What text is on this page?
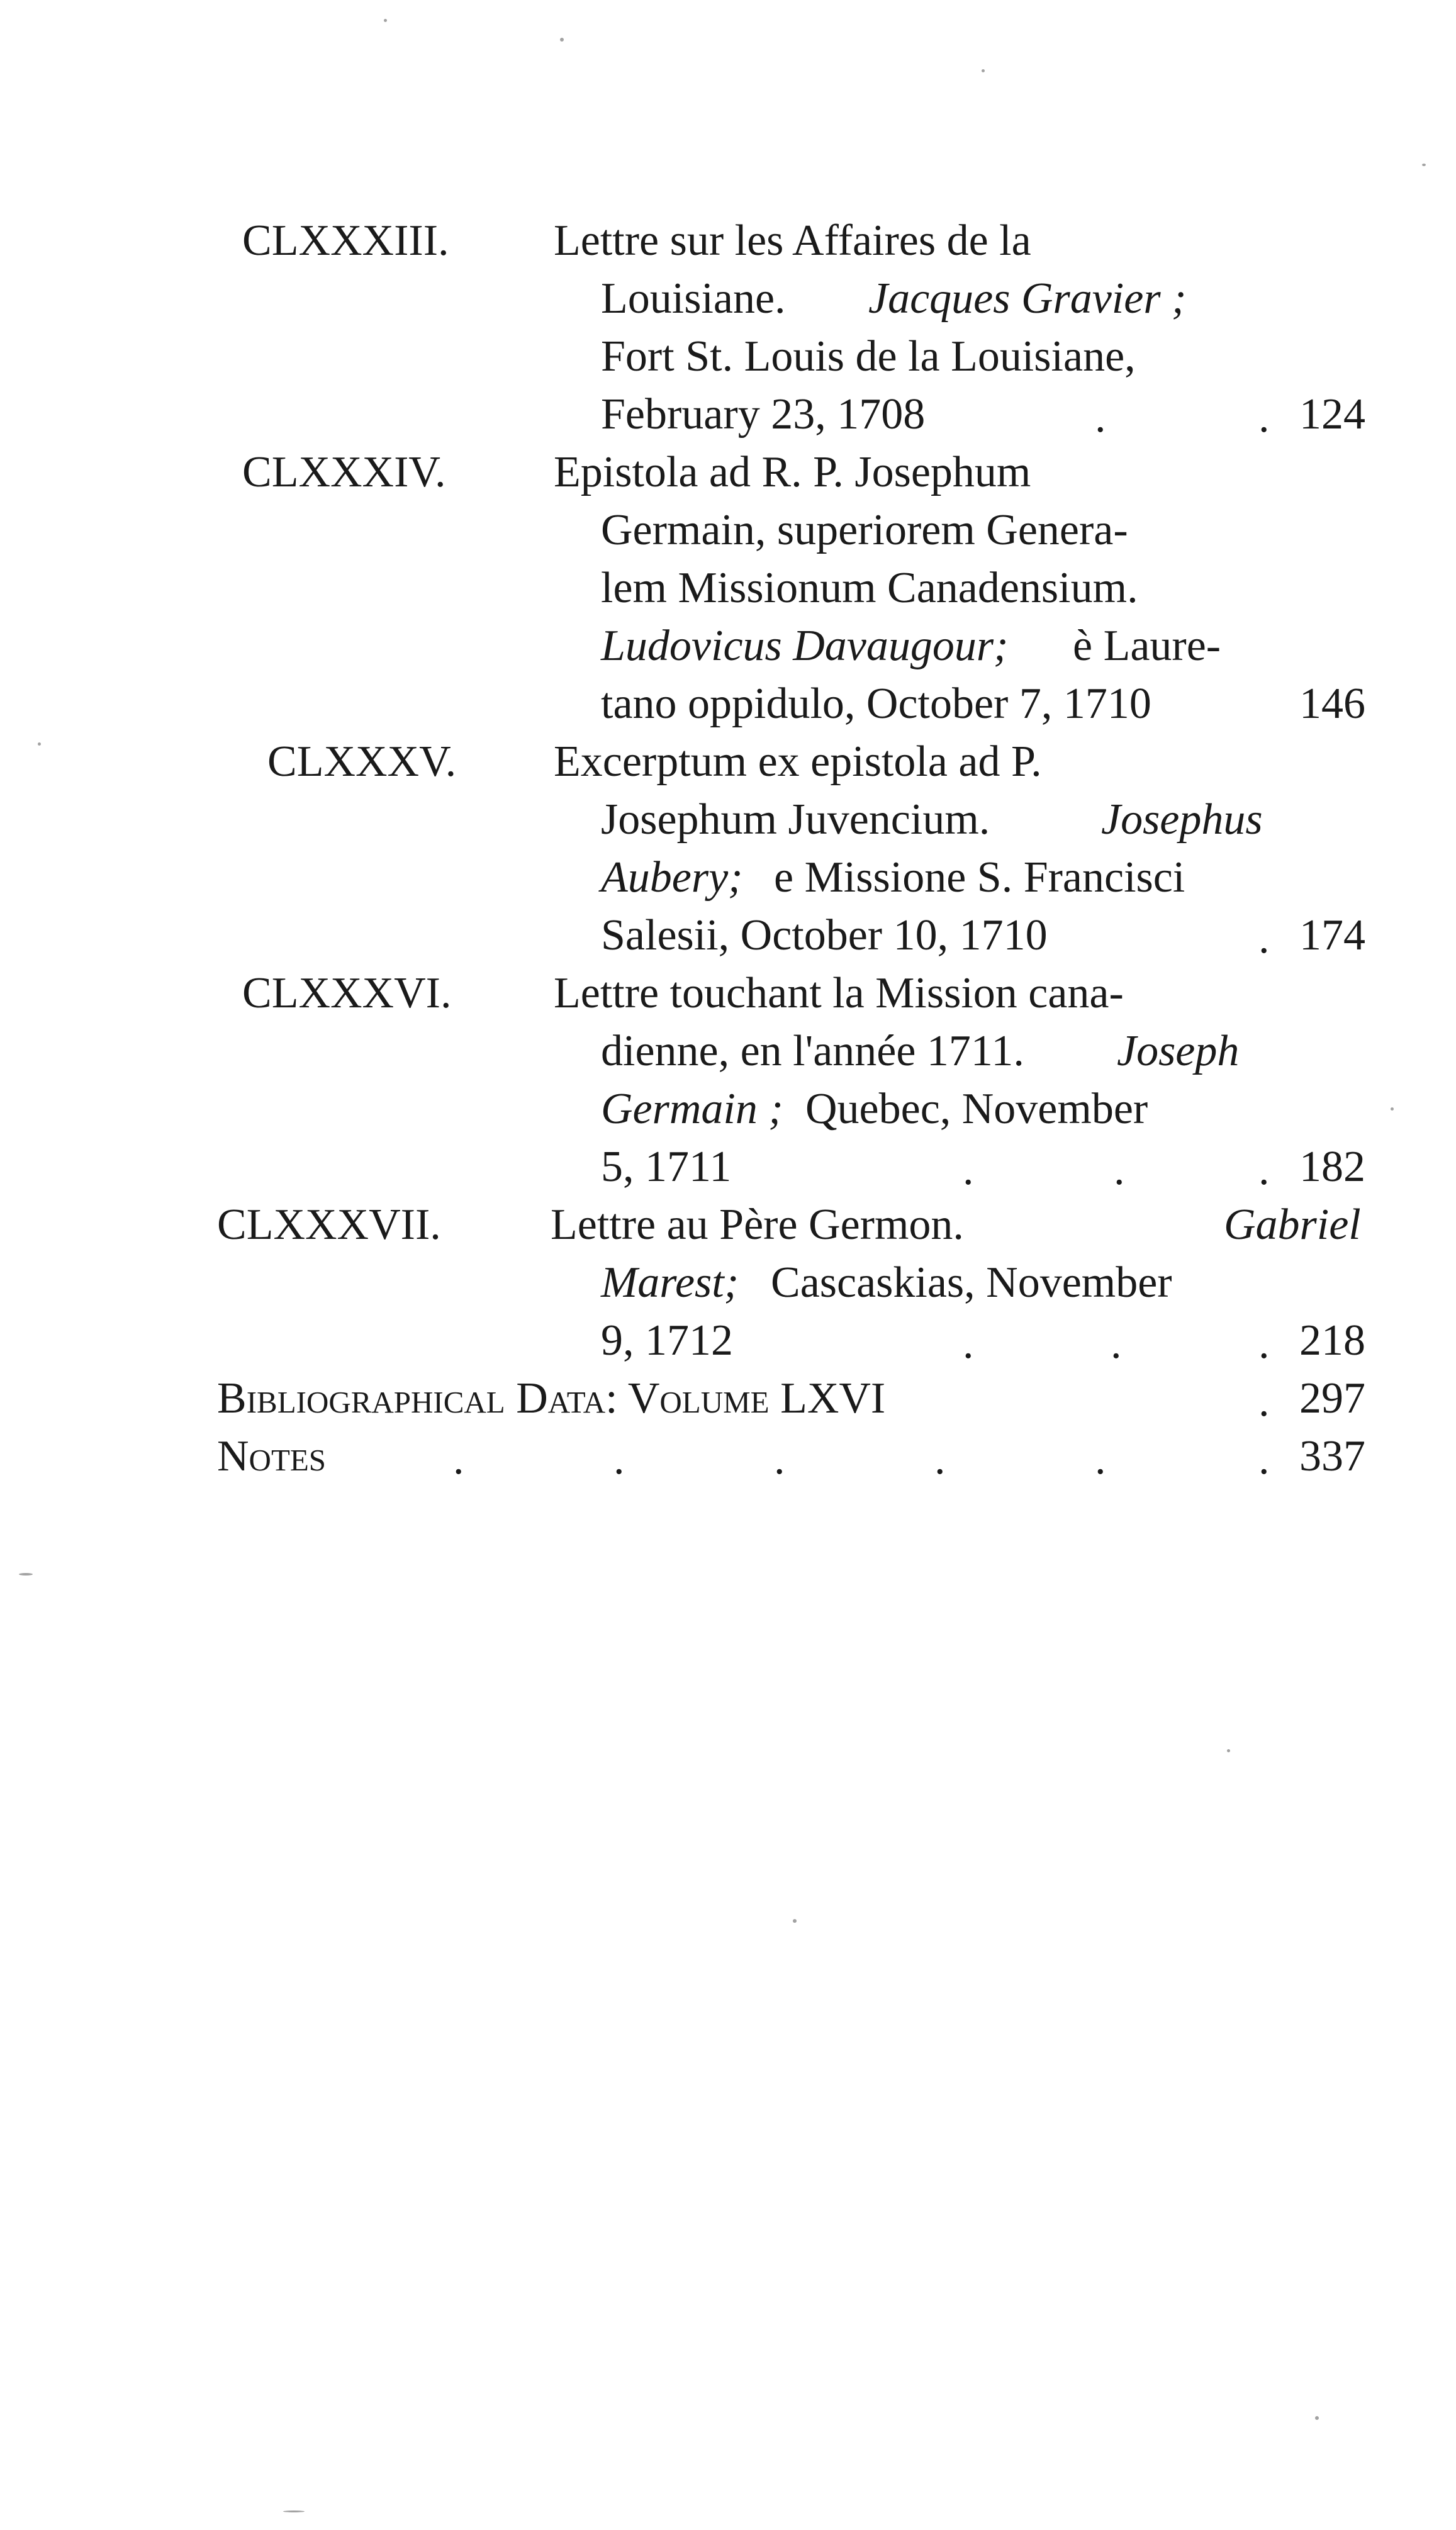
CLXXXIII. Lettre sur les Affaires de la
Louisiane. Jacques Gravier ;
Fort St. Louis de la Louisiane,
February 23, 1708	.	. 124
CLXXXIV. Epistola ad R. P. Josephum
Germain, superiorem Genera-
lem Missionum Canadensium.
Ludovicus Davaugour; è Laure-
tano oppidulo, October 7, 1710	146
CLXXXV. Excerptum ex epistola ad P.
Josephum Juvencium.	Josephus
Aubery; e Missione S. Francisci
Salesii, October 10, 1710	. 174
CLXXXVI. Lettre touchant la Mission cana-
dienne, en l'année 1711. Joseph
Germain ; Quebec, November
5, 1711	.	.	. 182
CLXXXVII. Lettre au Père Germon.	Gabriel
Marest; Cascaskias, November
9, 1712	.	.	. 218
Bibliographical Data: Volume LXVI	. 297
Notes	.	.	.	.	.	. 337
